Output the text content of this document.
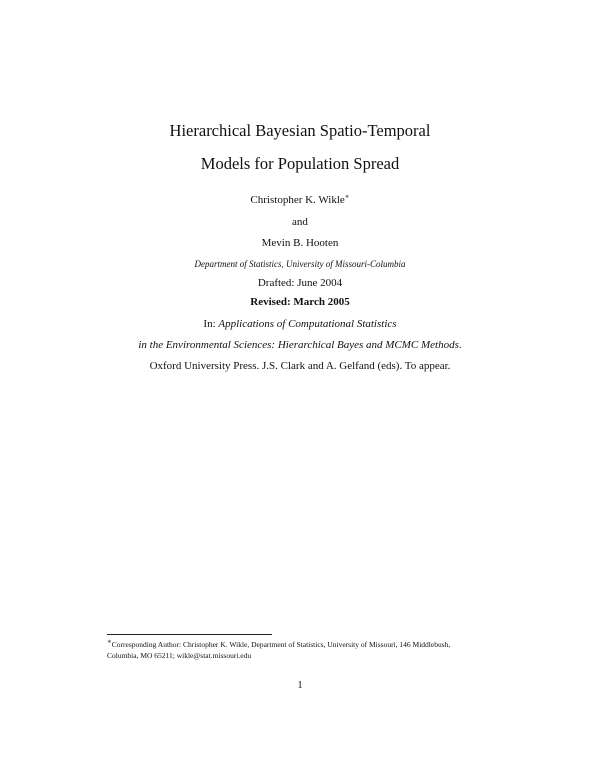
Hierarchical Bayesian Spatio-Temporal
Models for Population Spread
Christopher K. Wikle∗
and
Mevin B. Hooten
Department of Statistics, University of Missouri-Columbia
Drafted: June 2004
Revised: March 2005
In: Applications of Computational Statistics
in the Environmental Sciences: Hierarchical Bayes and MCMC Methods.
Oxford University Press. J.S. Clark and A. Gelfand (eds). To appear.
∗Corresponding Author: Christopher K. Wikle, Department of Statistics, University of Missouri, 146 Middlebush,
Columbia, MO 65211; wikle@stat.missouri.edu
1
